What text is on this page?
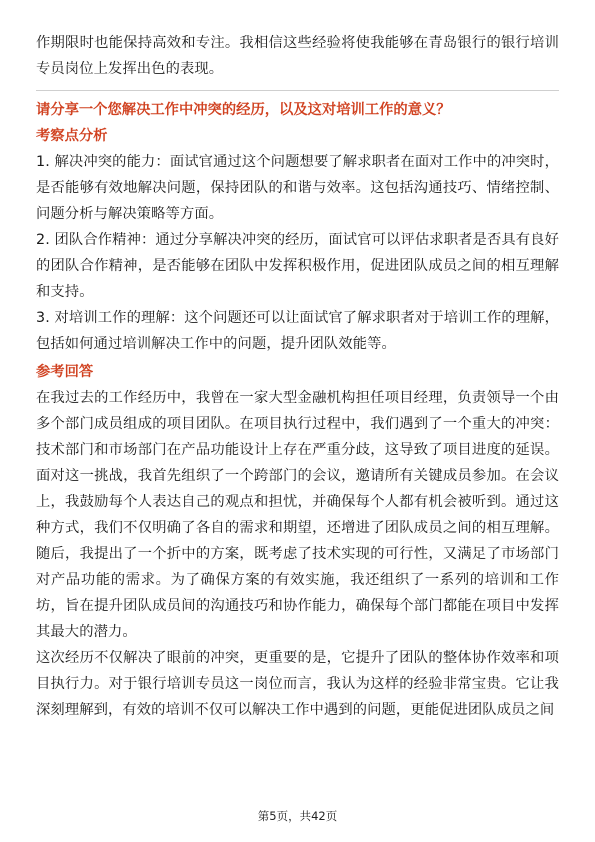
作期限时也能保持高效和专注。我相信这些经验将使我能够在青岛银行的银行培训专员岗位上发挥出色的表现。

请分享一个您解决工作中冲突的经历，以及这对培训工作的意义？

考察点分析

1. 解决冲突的能力：面试官通过这个问题想要了解求职者在面对工作中的冲突时，是否能够有效地解决问题，保持团队的和谐与效率。这包括沟通技巧、情绪控制、问题分析与解决策略等方面。

2. 团队合作精神：通过分享解决冲突的经历，面试官可以评估求职者是否具有良好的团队合作精神，是否能够在团队中发挥积极作用，促进团队成员之间的相互理解和支持。

3. 对培训工作的理解：这个问题还可以让面试官了解求职者对于培训工作的理解，包括如何通过培训解决工作中的问题，提升团队效能等。

参考回答

在我过去的工作经历中，我曾在一家大型金融机构担任项目经理，负责领导一个由多个部门成员组成的项目团队。在项目执行过程中，我们遇到了一个重大的冲突：技术部门和市场部门在产品功能设计上存在严重分歧，这导致了项目进度的延误。面对这一挑战，我首先组织了一个跨部门的会议，邀请所有关键成员参加。在会议上，我鼓励每个人表达自己的观点和担忧，并确保每个人都有机会被听到。通过这种方式，我们不仅明确了各自的需求和期望，还增进了团队成员之间的相互理解。随后，我提出了一个折中的方案，既考虑了技术实现的可行性，又满足了市场部门对产品功能的需求。为了确保方案的有效实施，我还组织了一系列的培训和工作坊，旨在提升团队成员间的沟通技巧和协作能力，确保每个部门都能在项目中发挥其最大的潜力。

这次经历不仅解决了眼前的冲突，更重要的是，它提升了团队的整体协作效率和项目执行力。对于银行培训专员这一岗位而言，我认为这样的经验非常宝贵。它让我深刻理解到，有效的培训不仅可以解决工作中遇到的问题，更能促进团队成员之间

第5页，共42页
